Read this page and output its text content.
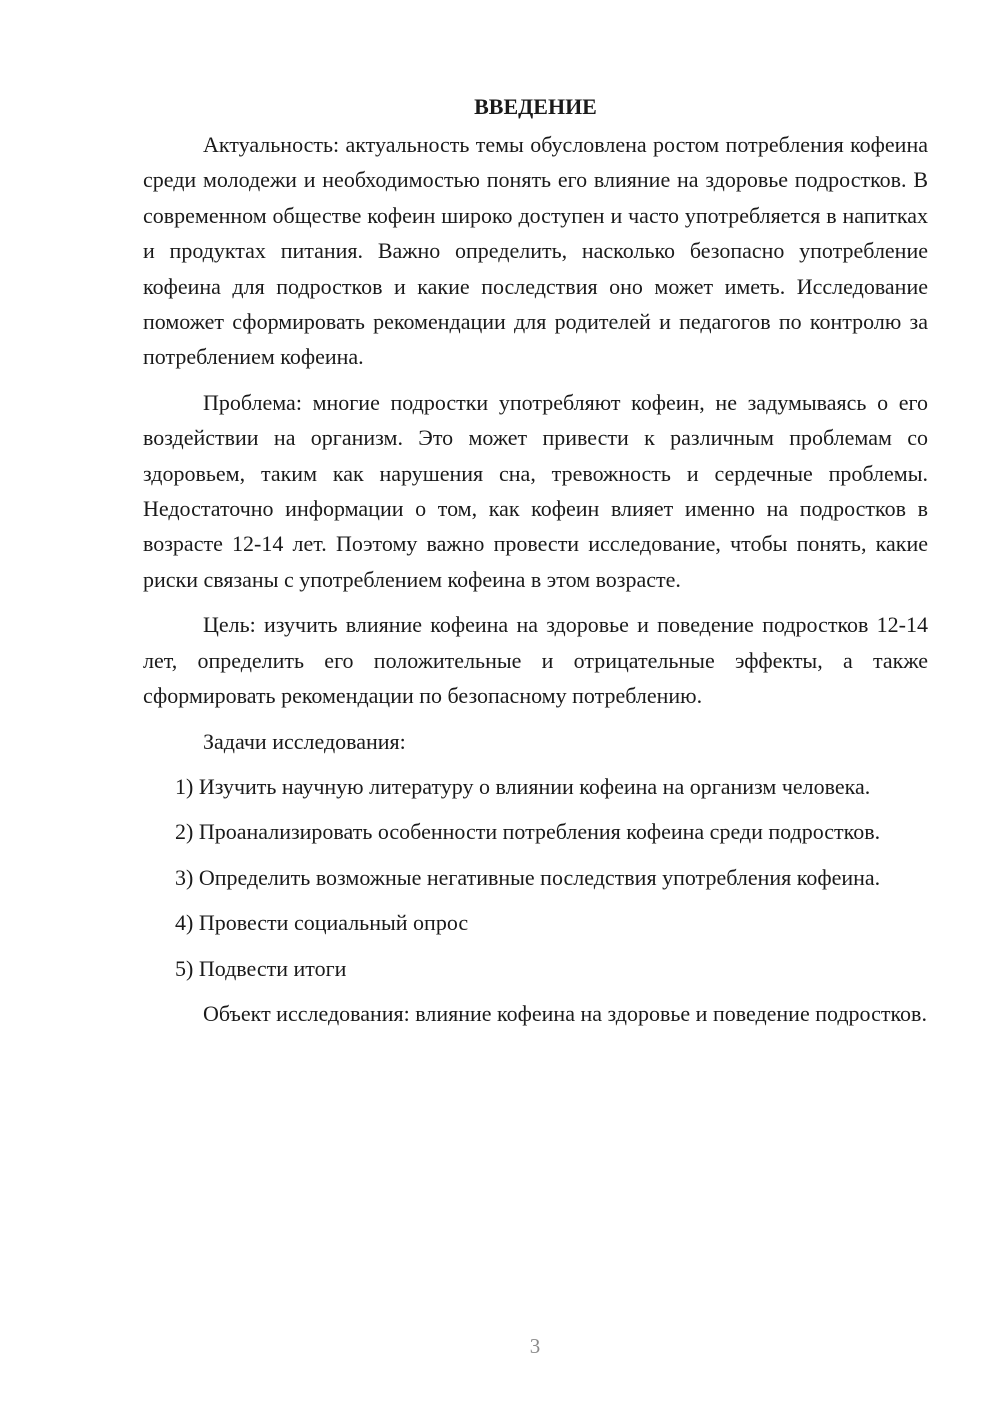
ВВЕДЕНИЕ

Актуальность: актуальность темы обусловлена ростом потребления кофеина среди молодежи и необходимостью понять его влияние на здоровье подростков. В современном обществе кофеин широко доступен и часто употребляется в напитках и продуктах питания. Важно определить, насколько безопасно употребление кофеина для подростков и какие последствия оно может иметь. Исследование поможет сформировать рекомендации для родителей и педагогов по контролю за потреблением кофеина.

Проблема: многие подростки употребляют кофеин, не задумываясь о его воздействии на организм. Это может привести к различным проблемам со здоровьем, таким как нарушения сна, тревожность и сердечные проблемы. Недостаточно информации о том, как кофеин влияет именно на подростков в возрасте 12-14 лет. Поэтому важно провести исследование, чтобы понять, какие риски связаны с употреблением кофеина в этом возрасте.

Цель: изучить влияние кофеина на здоровье и поведение подростков 12-14 лет, определить его положительные и отрицательные эффекты, а также сформировать рекомендации по безопасному потреблению.

Задачи исследования:

1) Изучить научную литературу о влиянии кофеина на организм человека.

2) Проанализировать особенности потребления кофеина среди подростков.

3) Определить возможные негативные последствия употребления кофеина.

4) Провести социальный опрос

5) Подвести итоги

Объект исследования: влияние кофеина на здоровье и поведение подростков.

3
